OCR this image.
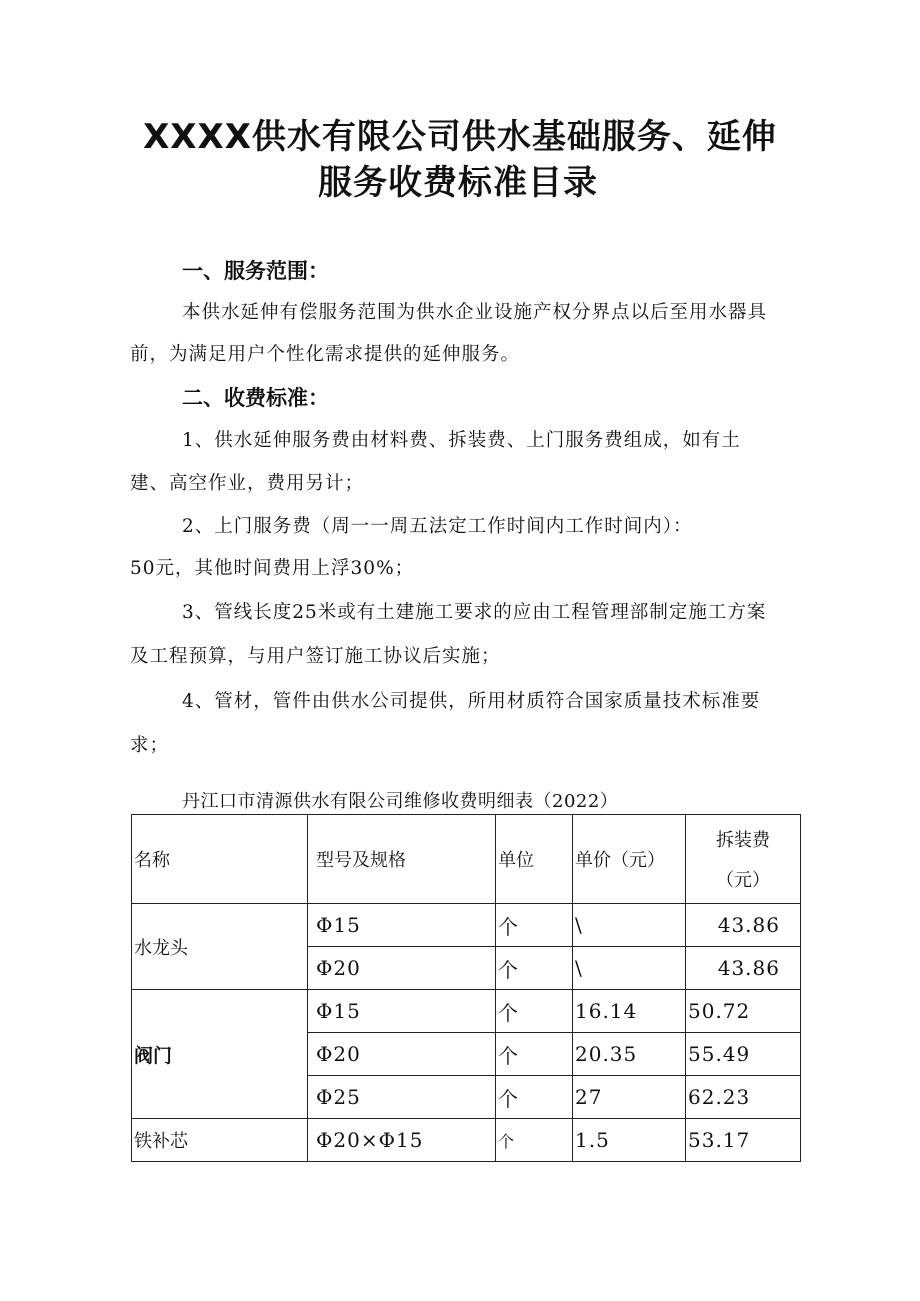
XXXX供水有限公司供水基础服务、延伸
服务收费标准目录

一、服务范围：

本供水延伸有偿服务范围为供水企业设施产权分界点以后至用水器具

前，为满足用户个性化需求提供的延伸服务。

二、收费标准：

1、供水延伸服务费由材料费、拆装费、上门服务费组成，如有土

建、高空作业，费用另计；

2、上门服务费（周一一周五法定工作时间内工作时间内）：

50元，其他时间费用上浮30%；

3、管线长度25米或有土建施工要求的应由工程管理部制定施工方案

及工程预算，与用户签订施工协议后实施；

4、管材，管件由供水公司提供，所用材质符合国家质量技术标准要

求；

丹江口市清源供水有限公司维修收费明细表（2022）

名称	型号及规格	单位	单价（元）	拆装费
（元）

水龙头	Φ15	个	\	43.86
	Φ20	个	\	43.86
阀门	Φ15	个	16.14	50.72
	Φ20	个	20.35	55.49
	Φ25	个	27	62.23
铁补芯	Φ20×Φ15	个	1.5	53.17
